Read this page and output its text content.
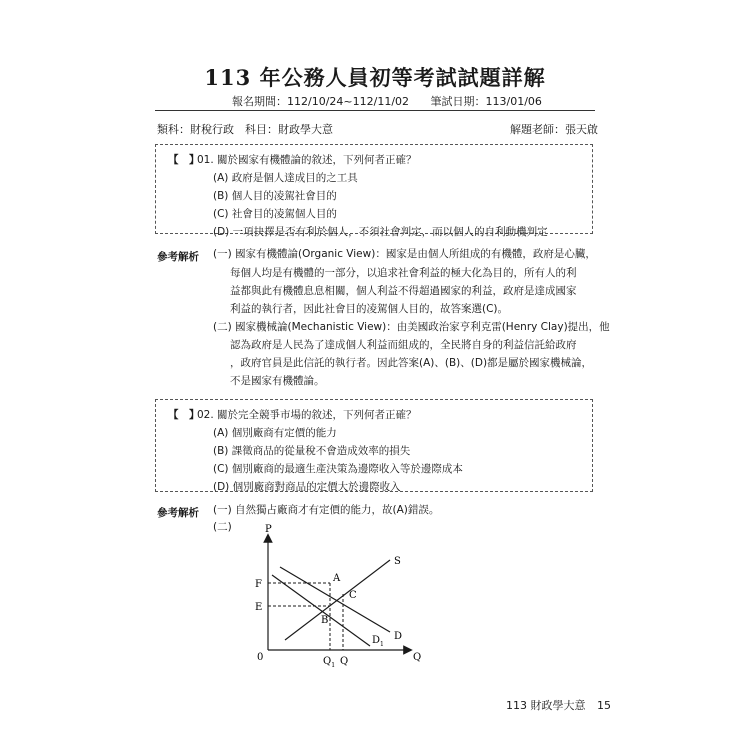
113 年公務人員初等考試試題詳解
報名期間：112/10/24~112/11/02 筆試日期：113/01/06
類科：財稅行政　科目：財政學大意	解題老師：張天啟
【　】
01. 關於國家有機體論的敘述，下列何者正確？
(A) 政府是個人達成目的之工具
(B) 個人目的凌駕社會目的
(C) 社會目的凌駕個人目的
(D) 一項抉擇是否有利於個人，不須社會判定，而以個人的自利動機判定
參考解析 (一) 國家有機體論(Organic View)：國家是由個人所組成的有機體，政府是心臟，
每個人均是有機體的一部分，以追求社會利益的極大化為目的，所有人的利
益都與此有機體息息相關，個人利益不得超過國家的利益，政府是達成國家
利益的執行者，因此社會目的凌駕個人目的，故答案選(C)。
(二) 國家機械論(Mechanistic View)：由美國政治家亨利克雷(Henry Clay)提出，他
認為政府是人民為了達成個人利益而組成的，全民將自身的利益信託給政府
，政府官員是此信託的執行者。因此答案(A)、(B)、(D)都是屬於國家機械論，
不是國家有機體論。
【　】
02. 關於完全競爭市場的敘述，下列何者正確？
(A) 個別廠商有定價的能力
(B) 課徵商品的從量稅不會造成效率的損失
(C) 個別廠商的最適生產決策為邊際收入等於邊際成本
(D) 個別廠商對商品的定價大於邊際收入
參考解析 (一) 自然獨占廠商才有定價的能力，故(A)錯誤。
(二)	P
Q
0
F
E
A
B
C
S
D
$D_1$
$Q_1$ Q
113 財政學大意 15
